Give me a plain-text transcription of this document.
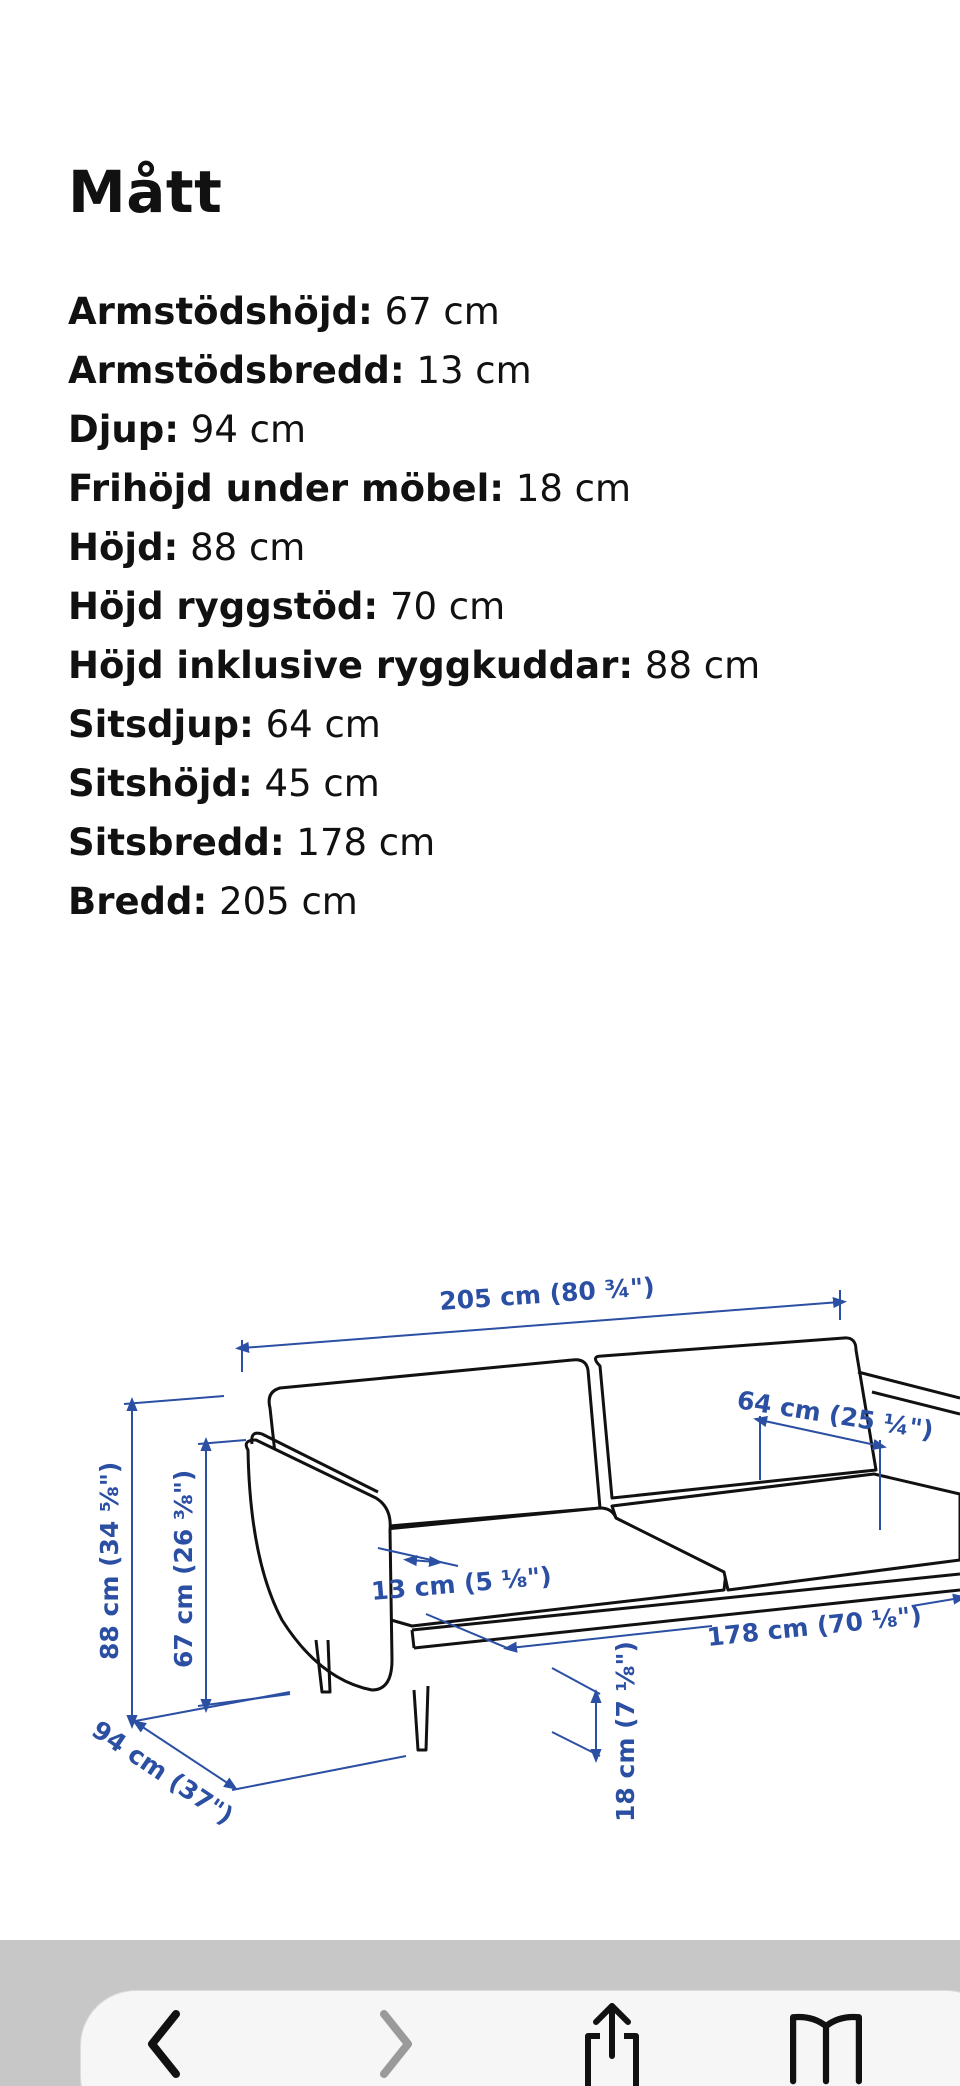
Mått
Armstödshöjd: 67 cm
Armstödsbredd: 13 cm
Djup: 94 cm
Frihöjd under möbel: 18 cm
Höjd: 88 cm
Höjd ryggstöd: 70 cm
Höjd inklusive ryggkuddar: 88 cm
Sitsdjup: 64 cm
Sitshöjd: 45 cm
Sitsbredd: 178 cm
Bredd: 205 cm
205 cm (80 ¾")
64 cm (25 ¼")
13 cm (5 ⅛")
178 cm (70 ⅛")
88 cm (34 ⅝") 67 cm (26 ⅜")
94 cm (37")	18 cm (7 ⅛")
